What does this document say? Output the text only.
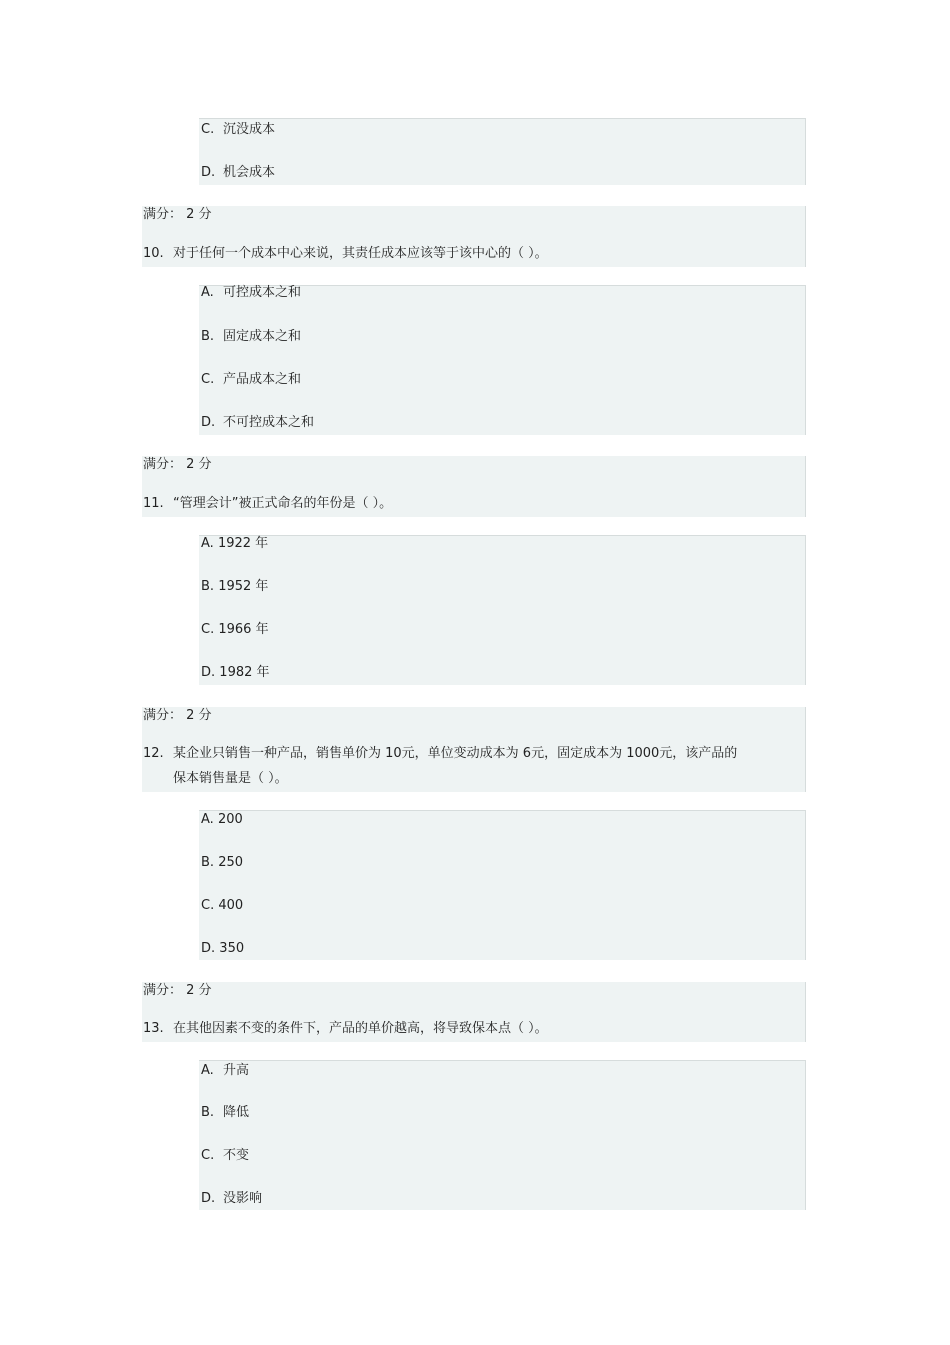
C. 沉没成本
D. 机会成本
满分： 2 分
10. 对于任何一个成本中心来说，其责任成本应该等于该中心的（ ）。
A. 可控成本之和
B. 固定成本之和
C. 产品成本之和
D. 不可控成本之和
满分： 2 分
11. “管理会计”被正式命名的年份是（ ）。
A. 1922 年
B. 1952 年
C. 1966 年
D. 1982 年
满分： 2 分
12. 某企业只销售一种产品，销售单价为 10元，单位变动成本为 6元，固定成本为 1000元，该产品的
保本销售量是（ ）。
A. 200
B. 250
C. 400
D. 350
满分： 2 分
13. 在其他因素不变的条件下，产品的单价越高，将导致保本点（ ）。
A. 升高
B. 降低
C. 不变
D. 没影响
